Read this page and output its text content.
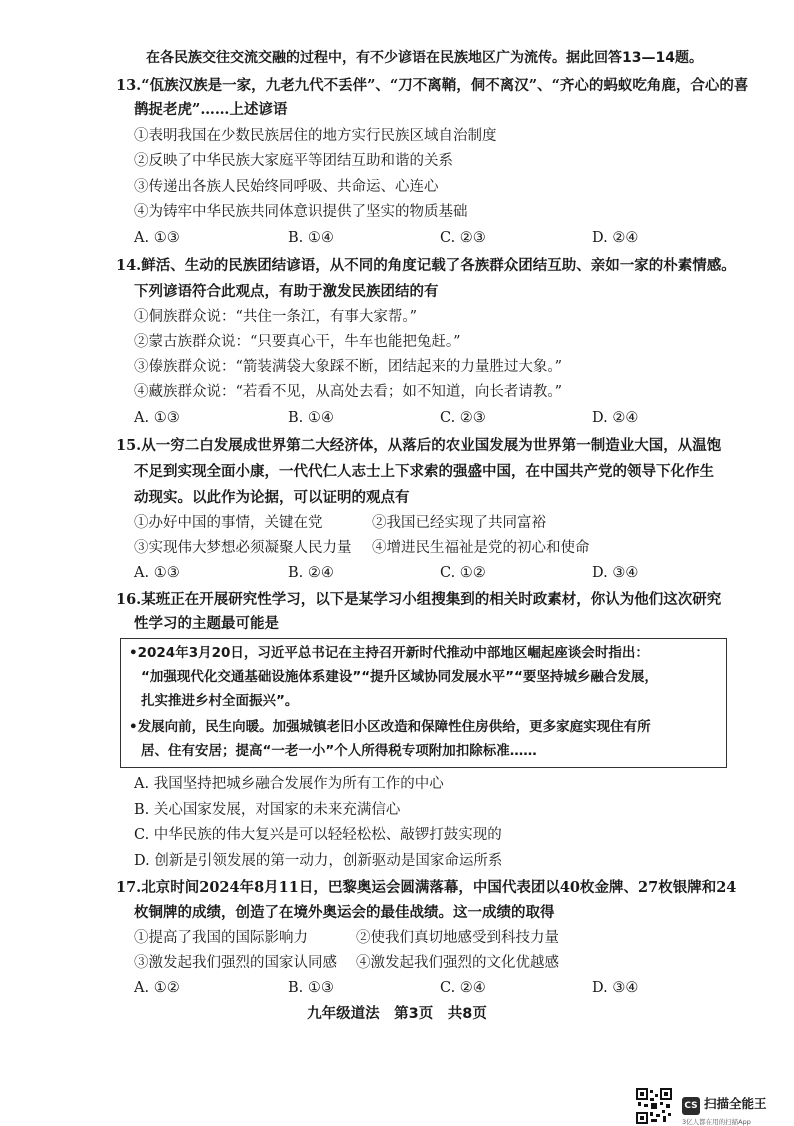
在各民族交往交流交融的过程中，有不少谚语在民族地区广为流传。据此回答13—14题。
13.“佤族汉族是一家，九老九代不丢伴”、“刀不离鞘，侗不离汉”、“齐心的蚂蚁吃角鹿，合心的喜
鹊捉老虎”……上述谚语
①表明我国在少数民族居住的地方实行民族区域自治制度
②反映了中华民族大家庭平等团结互助和谐的关系
③传递出各族人民始终同呼吸、共命运、心连心
④为铸牢中华民族共同体意识提供了坚实的物质基础
A. ①③	B. ①④	C. ②③	D. ②④
14.鲜活、生动的民族团结谚语，从不同的角度记载了各族群众团结互助、亲如一家的朴素情感。
下列谚语符合此观点，有助于激发民族团结的有
①侗族群众说：“共住一条江，有事大家帮。”
②蒙古族群众说：“只要真心干，牛车也能把兔赶。”
③傣族群众说：“箭装满袋大象踩不断，团结起来的力量胜过大象。”
④藏族群众说：“若看不见，从高处去看；如不知道，向长者请教。”
A. ①③	B. ①④	C. ②③	D. ②④
15.从一穷二白发展成世界第二大经济体，从落后的农业国发展为世界第一制造业大国，从温饱
不足到实现全面小康，一代代仁人志士上下求索的强盛中国，在中国共产党的领导下化作生
动现实。以此作为论据，可以证明的观点有
①办好中国的事情，关键在党	②我国已经实现了共同富裕
③实现伟大梦想必须凝聚人民力量 ④增进民生福祉是党的初心和使命
A. ①③	B. ②④	C. ①②	D. ③④
16.某班正在开展研究性学习，以下是某学习小组搜集到的相关时政素材，你认为他们这次研究
性学习的主题最可能是
•2024年3月20日，习近平总书记在主持召开新时代推动中部地区崛起座谈会时指出：
“加强现代化交通基础设施体系建设”“提升区域协同发展水平”“要坚持城乡融合发展，
扎实推进乡村全面振兴”。
•发展向前，民生向暖。加强城镇老旧小区改造和保障性住房供给，更多家庭实现住有所
居、住有安居；提高“一老一小”个人所得税专项附加扣除标准……
A. 我国坚持把城乡融合发展作为所有工作的中心
B. 关心国家发展，对国家的未来充满信心
C. 中华民族的伟大复兴是可以轻轻松松、敲锣打鼓实现的
D. 创新是引领发展的第一动力，创新驱动是国家命运所系
17.北京时间2024年8月11日，巴黎奥运会圆满落幕，中国代表团以40枚金牌、27枚银牌和24
枚铜牌的成绩，创造了在境外奥运会的最佳战绩。这一成绩的取得
①提高了我国的国际影响力	②使我们真切地感受到科技力量
③激发起我们强烈的国家认同感 ④激发起我们强烈的文化优越感
A. ①②	B. ①③	C. ②④	D. ③④
九年级道法　第3页　共8页
CS 扫描全能王
3亿人都在用的扫描App
